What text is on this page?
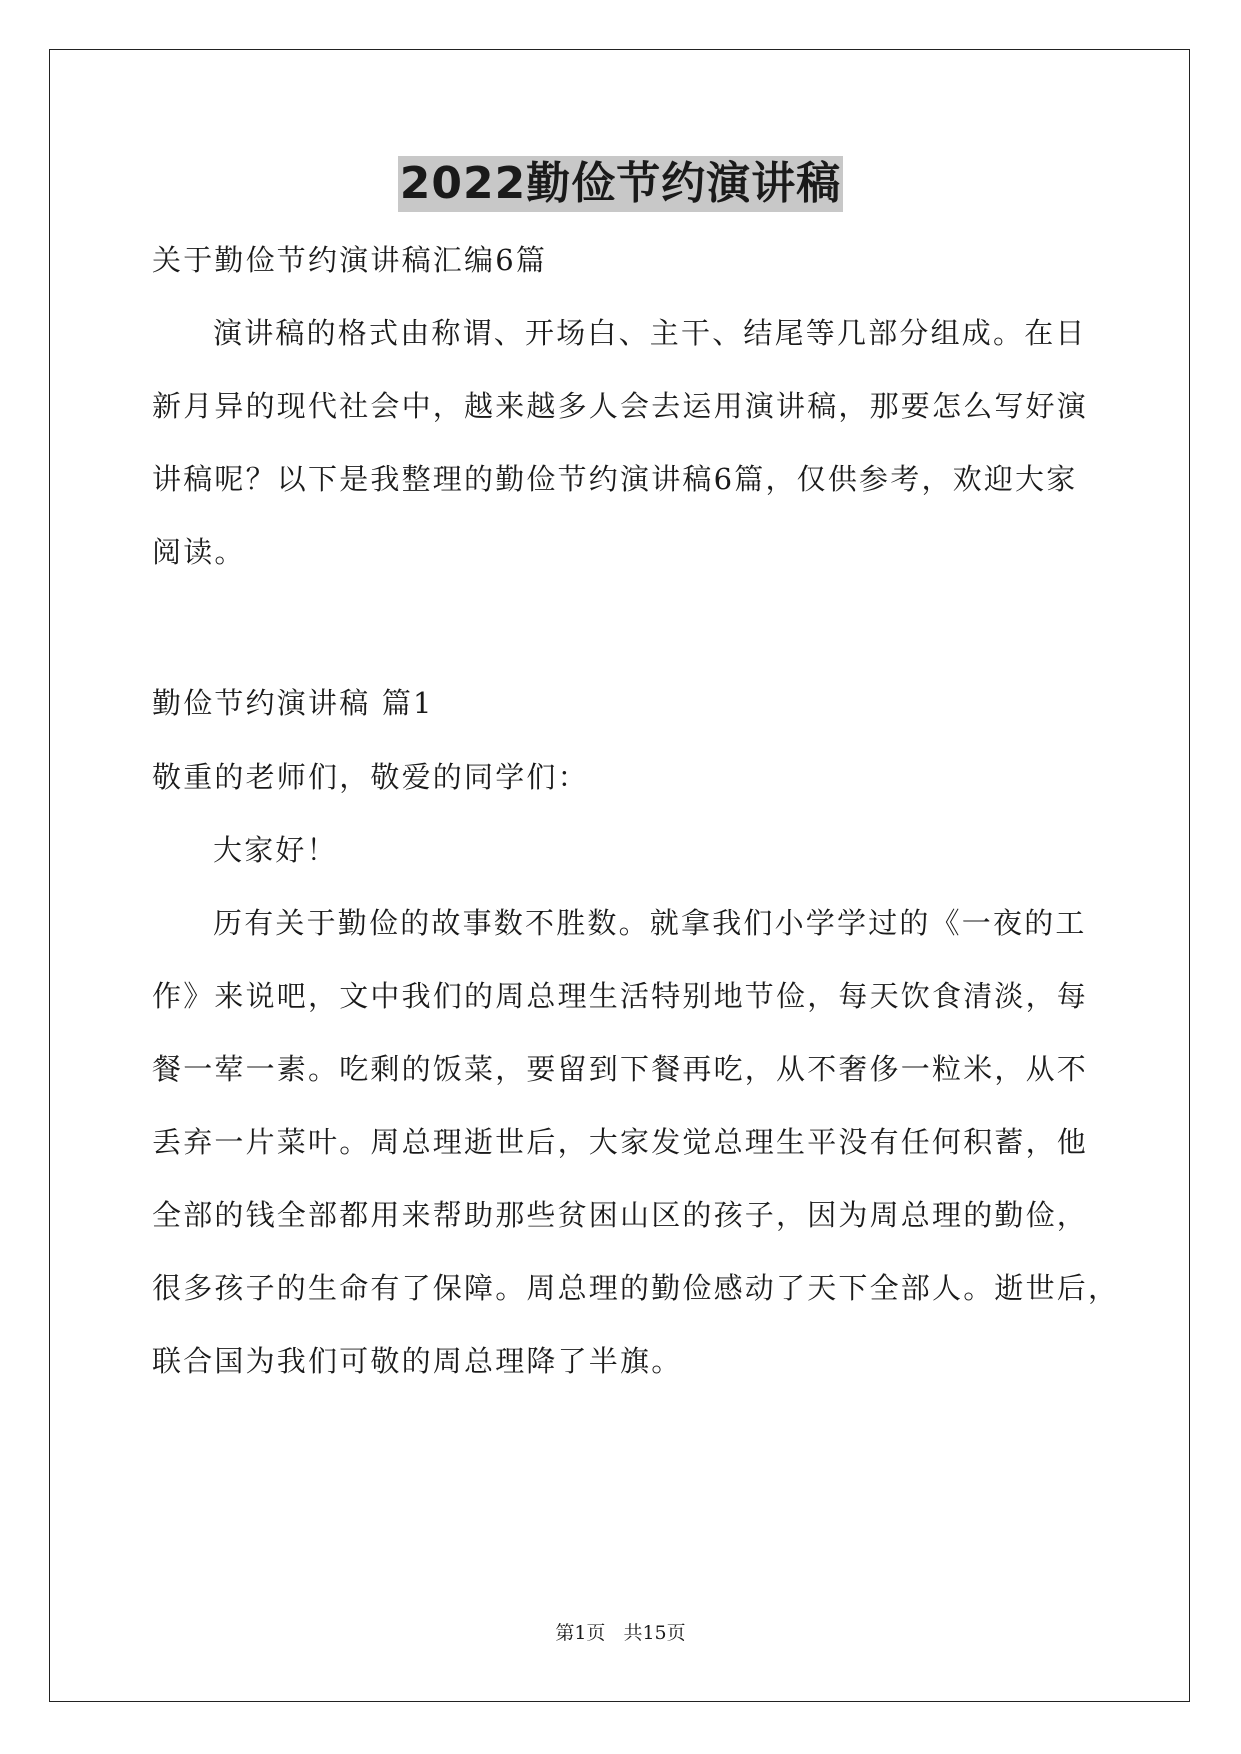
2022勤俭节约演讲稿
关于勤俭节约演讲稿汇编6篇
演讲稿的格式由称谓、开场白、主干、结尾等几部分组成。在日
新月异的现代社会中，越来越多人会去运用演讲稿，那要怎么写好演
讲稿呢？以下是我整理的勤俭节约演讲稿6篇，仅供参考，欢迎大家
阅读。
勤俭节约演讲稿 篇1
敬重的老师们，敬爱的同学们：
大家好！
历有关于勤俭的故事数不胜数。就拿我们小学学过的《一夜的工
作》来说吧，文中我们的周总理生活特别地节俭，每天饮食清淡，每
餐一荤一素。吃剩的饭菜，要留到下餐再吃，从不奢侈一粒米，从不
丢弃一片菜叶。周总理逝世后，大家发觉总理生平没有任何积蓄，他
全部的钱全部都用来帮助那些贫困山区的孩子，因为周总理的勤俭，
很多孩子的生命有了保障。周总理的勤俭感动了天下全部人。逝世后，
联合国为我们可敬的周总理降了半旗。
第1页 共15页
